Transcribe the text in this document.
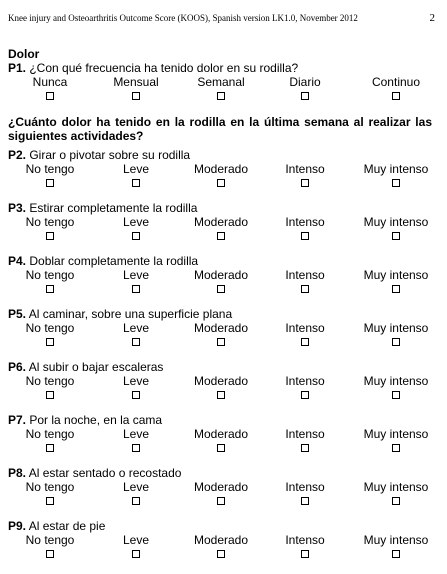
Knee injury and Osteoarthritis Outcome Score (KOOS), Spanish version LK1.0, November 2012	2
Dolor
P1. ¿Con qué frecuencia ha tenido dolor en su rodilla?
Nunca	Mensual	Semanal	Diario	Continuo
¿Cuánto dolor ha tenido en la rodilla en la última semana al realizar las siguientes actividades?
P2. Girar o pivotar sobre su rodilla
No tengo	Leve	Moderado	Intenso	Muy intenso
P3. Estirar completamente la rodilla
No tengo	Leve	Moderado	Intenso	Muy intenso
P4. Doblar completamente la rodilla
No tengo	Leve	Moderado	Intenso	Muy intenso
P5. Al caminar, sobre una superficie plana
No tengo	Leve	Moderado	Intenso	Muy intenso
P6. Al subir o bajar escaleras
No tengo	Leve	Moderado	Intenso	Muy intenso
P7. Por la noche, en la cama
No tengo	Leve	Moderado	Intenso	Muy intenso
P8. Al estar sentado o recostado
No tengo	Leve	Moderado	Intenso	Muy intenso
P9. Al estar de pie
No tengo	Leve	Moderado	Intenso	Muy intenso
